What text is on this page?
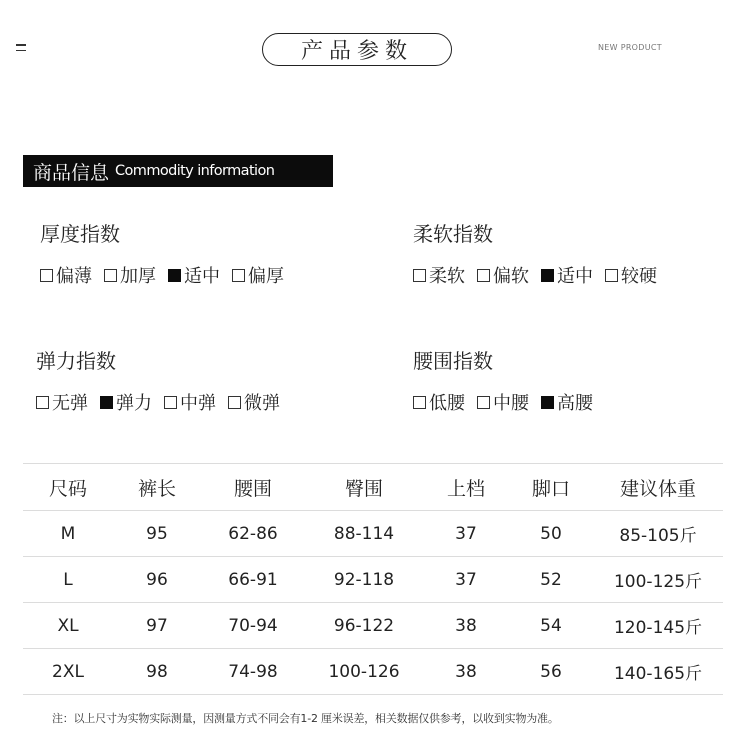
产品参数	NEW PRODUCT
商品信息 Commodity information
厚度指数
偏薄 加厚 适中 偏厚
柔软指数
柔软 偏软 适中 较硬
弹力指数
无弹 弹力 中弹 微弹
腰围指数
低腰 中腰 高腰
尺码	裤长	腰围	臀围	上档	脚口	建议体重
M	95	62-86	88-114	37	50	85-105斤
L	96	66-91	92-118	37	52	100-125斤
XL	97	70-94	96-122	38	54	120-145斤
2XL	98	74-98	100-126	38	56	140-165斤
注：以上尺寸为实物实际测量，因测量方式不同会有1-2 厘米误差，相关数据仅供参考，以收到实物为准。
